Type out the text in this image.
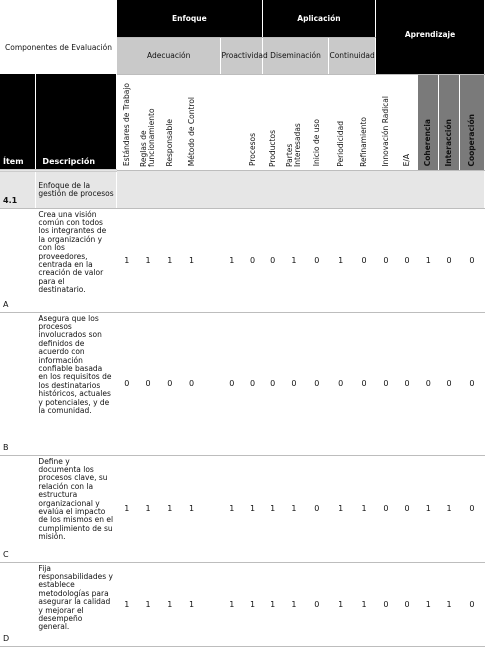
Componentes de Evaluación		Enfoque							Aplicación					Aprendizaje				
		Adecuación					Proactividad		Diseminación			Continuidad						
Ítem	Descripción	Estándares de Trabajo	Reglas de funcionamiento	Responsable	Método de Control			Procesos	Productos	Partes Interesadas	Inicio de uso	Periodicidad	Refinamiento	Innovación Radical	E/A	Coherencia	Interacción	Cooperación

4.1	Enfoque de la gestión de procesos																	
A	Crea una visión común con todos los integrantes de la organización y con los proveedores, centrada en la creación de valor para el destinatario.	1	1	1	1		1	0	0	1	0	1	0	0	0	1	0	0
B	Asegura que los procesos involucrados son definidos de acuerdo con información confiable basada en los requisitos de los destinatarios históricos, actuales y potenciales, y de la comunidad.	0	0	0	0		0	0	0	0	0	0	0	0	0	0	0	0
C	Define y documenta los procesos clave, su relación con la estructura organizacional y evalúa el impacto de los mismos en el cumplimiento de su misión.	1	1	1	1		1	1	1	1	0	1	1	0	0	1	1	0
D	Fija responsabilidades y establece metodologías para asegurar la calidad y mejorar el desempeño general.	1	1	1	1		1	1	1	1	0	1	1	0	0	1	1	0
